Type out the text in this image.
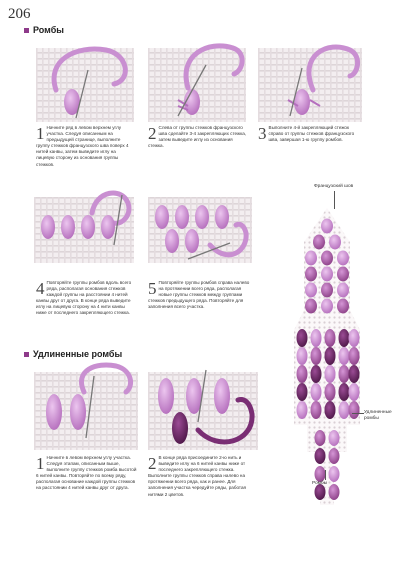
206
Ромбы
Удлиненные ромбы
1 Начните ряд в левом верхнем углу участка. Следуя описанным на предыдущей странице, выполните группу стежков французского шва поверх 4 нитей канвы, затем выведите иглу на лицевую сторону из основания группы стежков.
2 Слева от группы стежков французского шва сделайте 3-4 закрепляющих стежка, затем выведите иглу из основания стежка.
3 Выполните 4-й закрепляющий стежок справо от группы стежков французского шва, завершая 1-ю группу ромбов.
4 Повторяйте группы ромбов вдоль всего ряда, располагая основания стежков каждой группы на расстоянии 4 нитей канвы друг от друга. В конце ряда выведите иглу на лицевую сторону на 4 нити канвы ниже от последнего закрепляющего стежка.
5 Повторяйте группы ромбов справа налево на протяжении всего ряда, располагая новые группы стежков между группами стежков предыдущего ряда. Повторяйте для заполнения всего участка.
1 Начните в левом верхнем углу участка. Следуя этапам, описанным выше, выполните группу стежков ромба высотой 6 нитей канвы. Повторяйте по всему ряду, располагая основание каждой группы стежков на расстоянии 4 нитей канвы друг от друга.
2 В конце ряда присоедините 2-ю нить и выведите иглу на 6 нитей канвы ниже от последнего закрепляющего стежка. Выполните группы стежков справа налево на протяжении всего ряда, как и ранее. Для заполнения участка чередуйте ряды, работая нитями 2 цветов.
Французский шов
Удлиненные ромбы
Ромбы
